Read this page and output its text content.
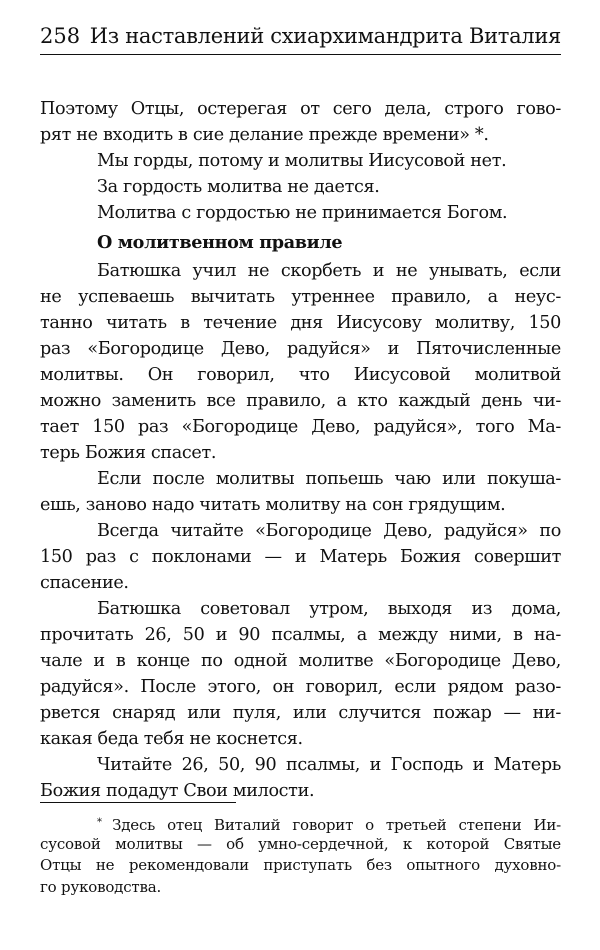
258 Из наставлений схиархимандрита Виталия
Поэтому Отцы, остерегая от сего дела, строго гово-
рят не входить в сие делание прежде времени» *.
Мы горды, потому и молитвы Иисусовой нет.
За гордость молитва не дается.
Молитва с гордостью не принимается Богом.
О молитвенном правиле
Батюшка учил не скорбеть и не унывать, если
не успеваешь вычитать утреннее правило, а неус-
танно читать в течение дня Иисусову молитву, 150
раз «Богородице Дево, радуйся» и Пяточисленные
молитвы. Он говорил, что Иисусовой молитвой
можно заменить все правило, а кто каждый день чи-
тает 150 раз «Богородице Дево, радуйся», того Ма-
терь Божия спасет.
Если после молитвы попьешь чаю или покуша-
ешь, заново надо читать молитву на сон грядущим.
Всегда читайте «Богородице Дево, радуйся» по
150 раз с поклонами — и Матерь Божия совершит
спасение.
Батюшка советовал утром, выходя из дома,
прочитать 26, 50 и 90 псалмы, а между ними, в на-
чале и в конце по одной молитве «Богородице Дево,
радуйся». После этого, он говорил, если рядом разо-
рвется снаряд или пуля, или случится пожар — ни-
какая беда тебя не коснется.
Читайте 26, 50, 90 псалмы, и Господь и Матерь
Божия подадут Свои милости.
* Здесь отец Виталий говорит о третьей степени Ии-
сусовой молитвы — об умно-сердечной, к которой Святые
Отцы не рекомендовали приступать без опытного духовно-
го руководства.
